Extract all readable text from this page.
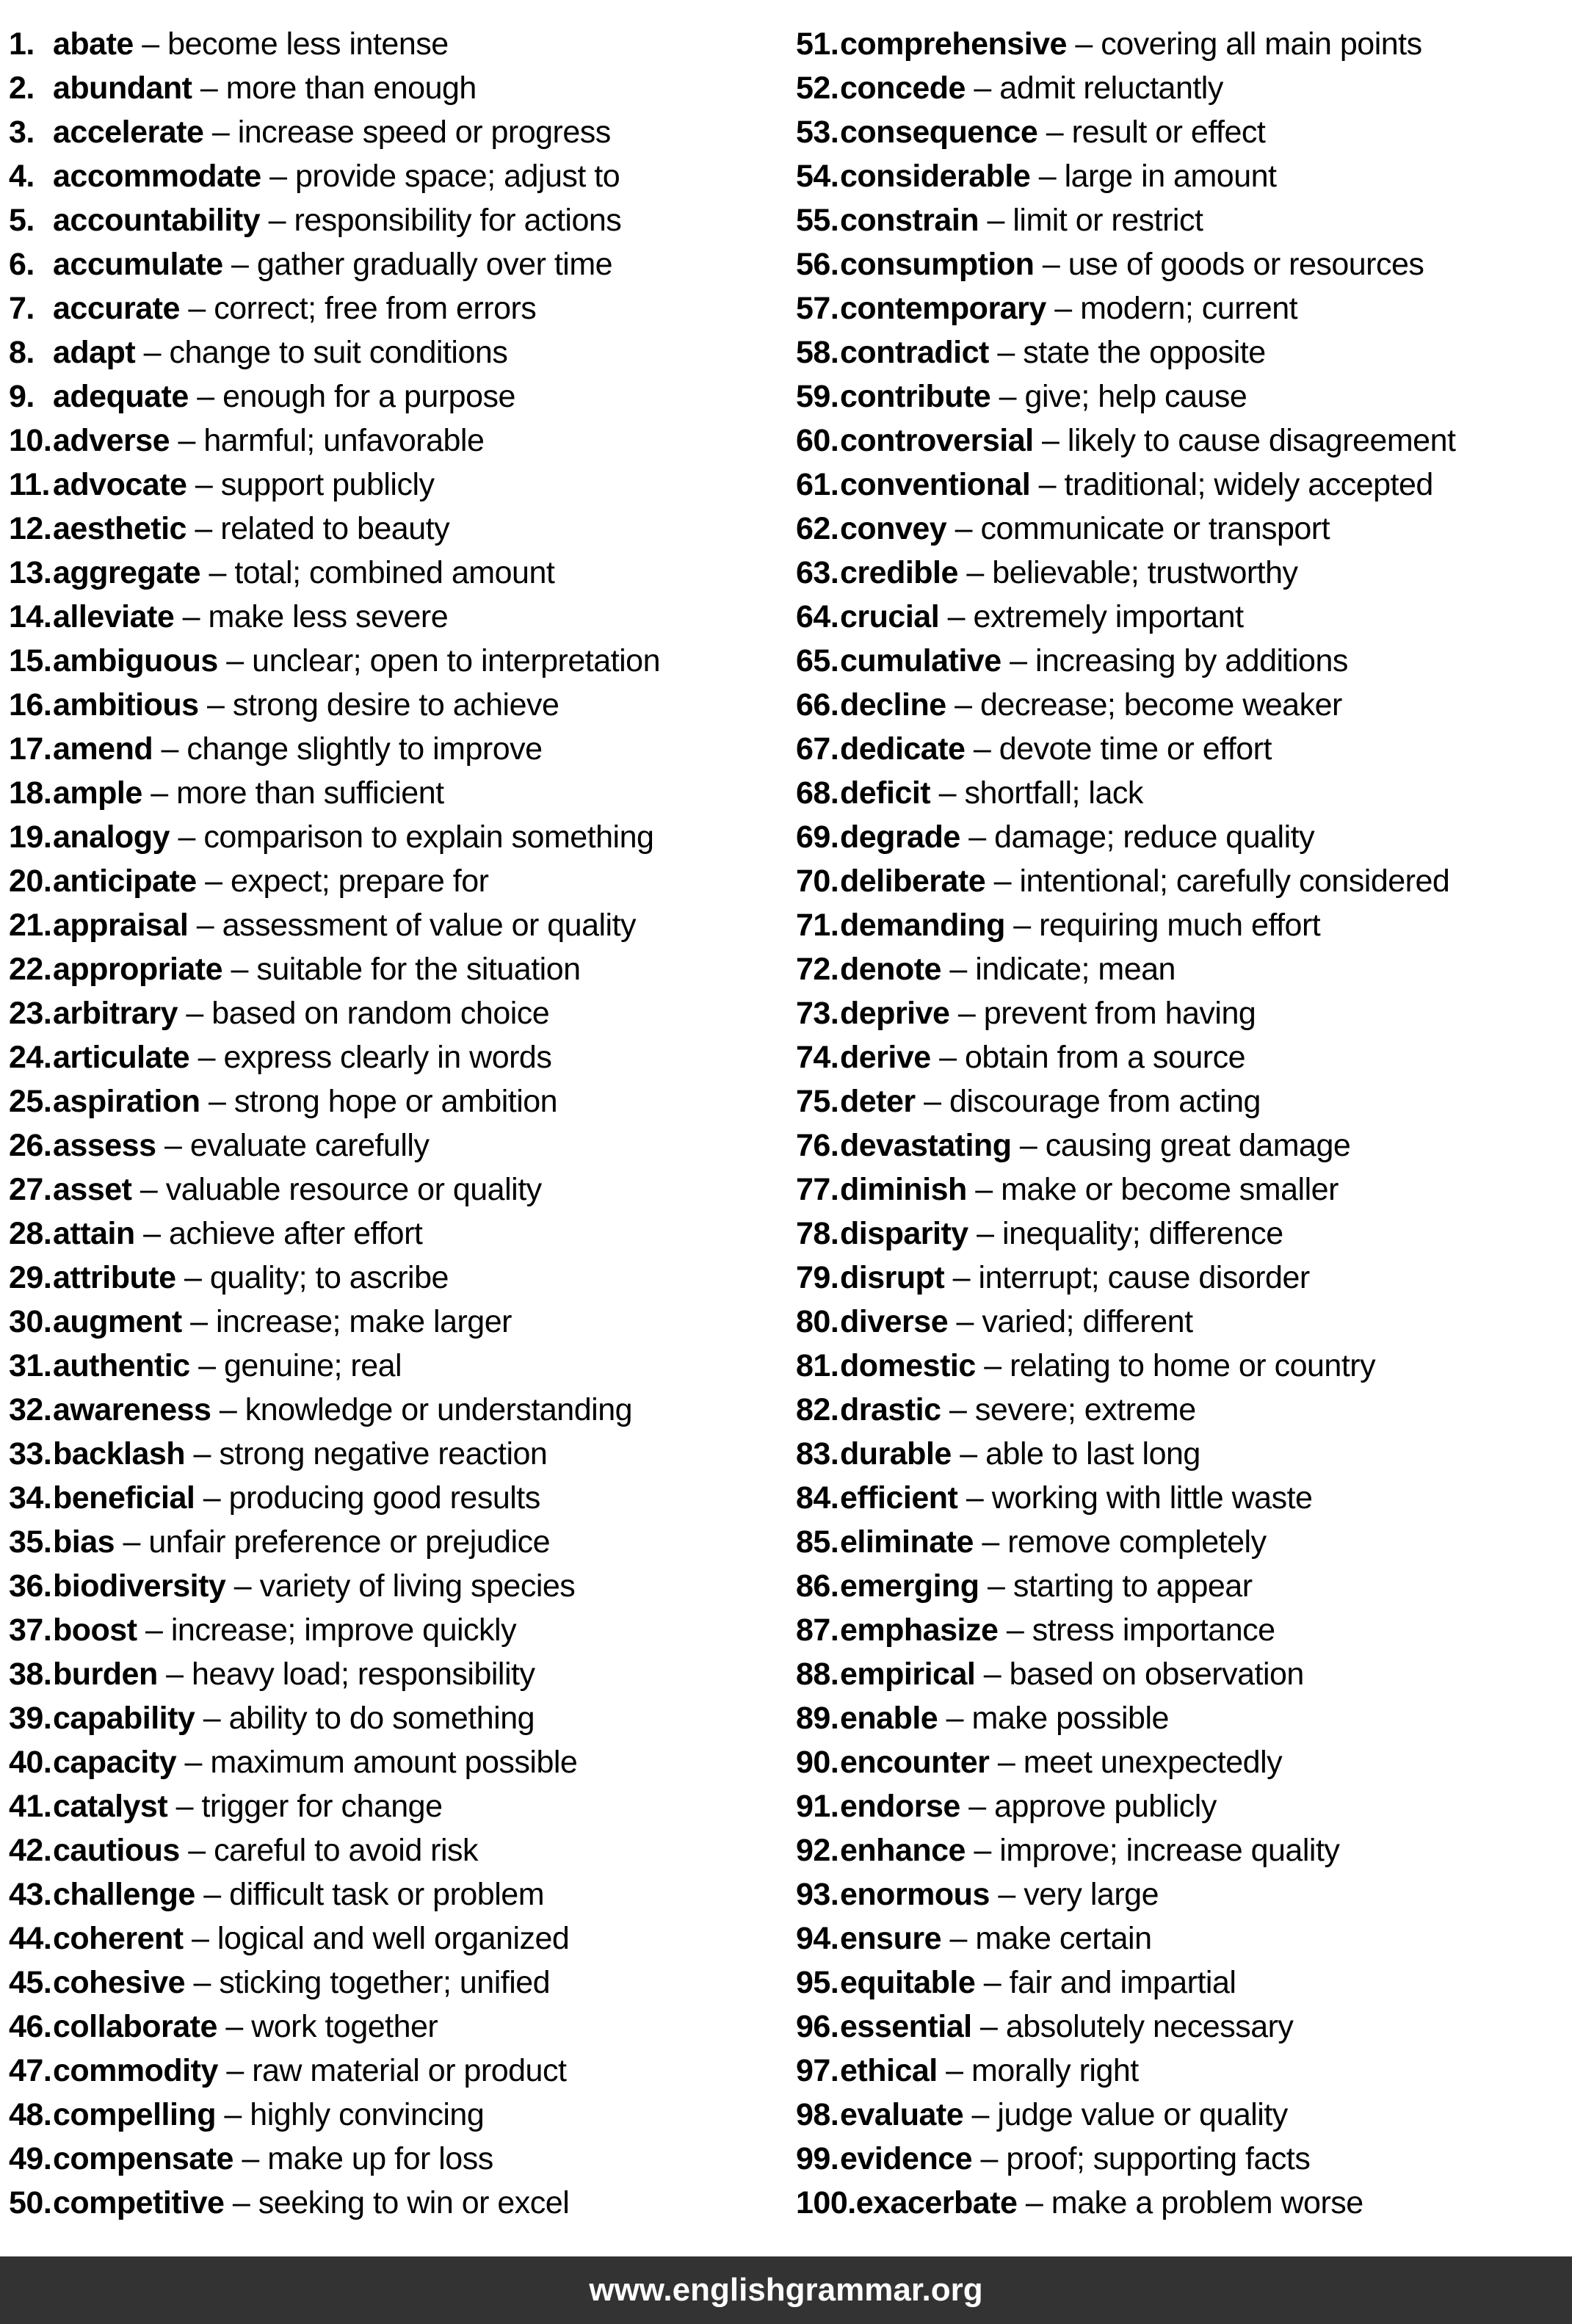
1. abate – become less intense
2. abundant – more than enough
3. accelerate – increase speed or progress
4. accommodate – provide space; adjust to
5. accountability – responsibility for actions
6. accumulate – gather gradually over time
7. accurate – correct; free from errors
8. adapt – change to suit conditions
9. adequate – enough for a purpose
10. adverse – harmful; unfavorable
11. advocate – support publicly
12. aesthetic – related to beauty
13. aggregate – total; combined amount
14. alleviate – make less severe
15. ambiguous – unclear; open to interpretation
16. ambitious – strong desire to achieve
17. amend – change slightly to improve
18. ample – more than sufficient
19. analogy – comparison to explain something
20. anticipate – expect; prepare for
21. appraisal – assessment of value or quality
22. appropriate – suitable for the situation
23. arbitrary – based on random choice
24. articulate – express clearly in words
25. aspiration – strong hope or ambition
26. assess – evaluate carefully
27. asset – valuable resource or quality
28. attain – achieve after effort
29. attribute – quality; to ascribe
30. augment – increase; make larger
31. authentic – genuine; real
32. awareness – knowledge or understanding
33. backlash – strong negative reaction
34. beneficial – producing good results
35. bias – unfair preference or prejudice
36. biodiversity – variety of living species
37. boost – increase; improve quickly
38. burden – heavy load; responsibility
39. capability – ability to do something
40. capacity – maximum amount possible
41. catalyst – trigger for change
42. cautious – careful to avoid risk
43. challenge – difficult task or problem
44. coherent – logical and well organized
45. cohesive – sticking together; unified
46. collaborate – work together
47. commodity – raw material or product
48. compelling – highly convincing
49. compensate – make up for loss
50. competitive – seeking to win or excel
51. comprehensive – covering all main points
52. concede – admit reluctantly
53. consequence – result or effect
54. considerable – large in amount
55. constrain – limit or restrict
56. consumption – use of goods or resources
57. contemporary – modern; current
58. contradict – state the opposite
59. contribute – give; help cause
60. controversial – likely to cause disagreement
61. conventional – traditional; widely accepted
62. convey – communicate or transport
63. credible – believable; trustworthy
64. crucial – extremely important
65. cumulative – increasing by additions
66. decline – decrease; become weaker
67. dedicate – devote time or effort
68. deficit – shortfall; lack
69. degrade – damage; reduce quality
70. deliberate – intentional; carefully considered
71. demanding – requiring much effort
72. denote – indicate; mean
73. deprive – prevent from having
74. derive – obtain from a source
75. deter – discourage from acting
76. devastating – causing great damage
77. diminish – make or become smaller
78. disparity – inequality; difference
79. disrupt – interrupt; cause disorder
80. diverse – varied; different
81. domestic – relating to home or country
82. drastic – severe; extreme
83. durable – able to last long
84. efficient – working with little waste
85. eliminate – remove completely
86. emerging – starting to appear
87. emphasize – stress importance
88. empirical – based on observation
89. enable – make possible
90. encounter – meet unexpectedly
91. endorse – approve publicly
92. enhance – improve; increase quality
93. enormous – very large
94. ensure – make certain
95. equitable – fair and impartial
96. essential – absolutely necessary
97. ethical – morally right
98. evaluate – judge value or quality
99. evidence – proof; supporting facts
100. exacerbate – make a problem worse
www.englishgrammar.org
